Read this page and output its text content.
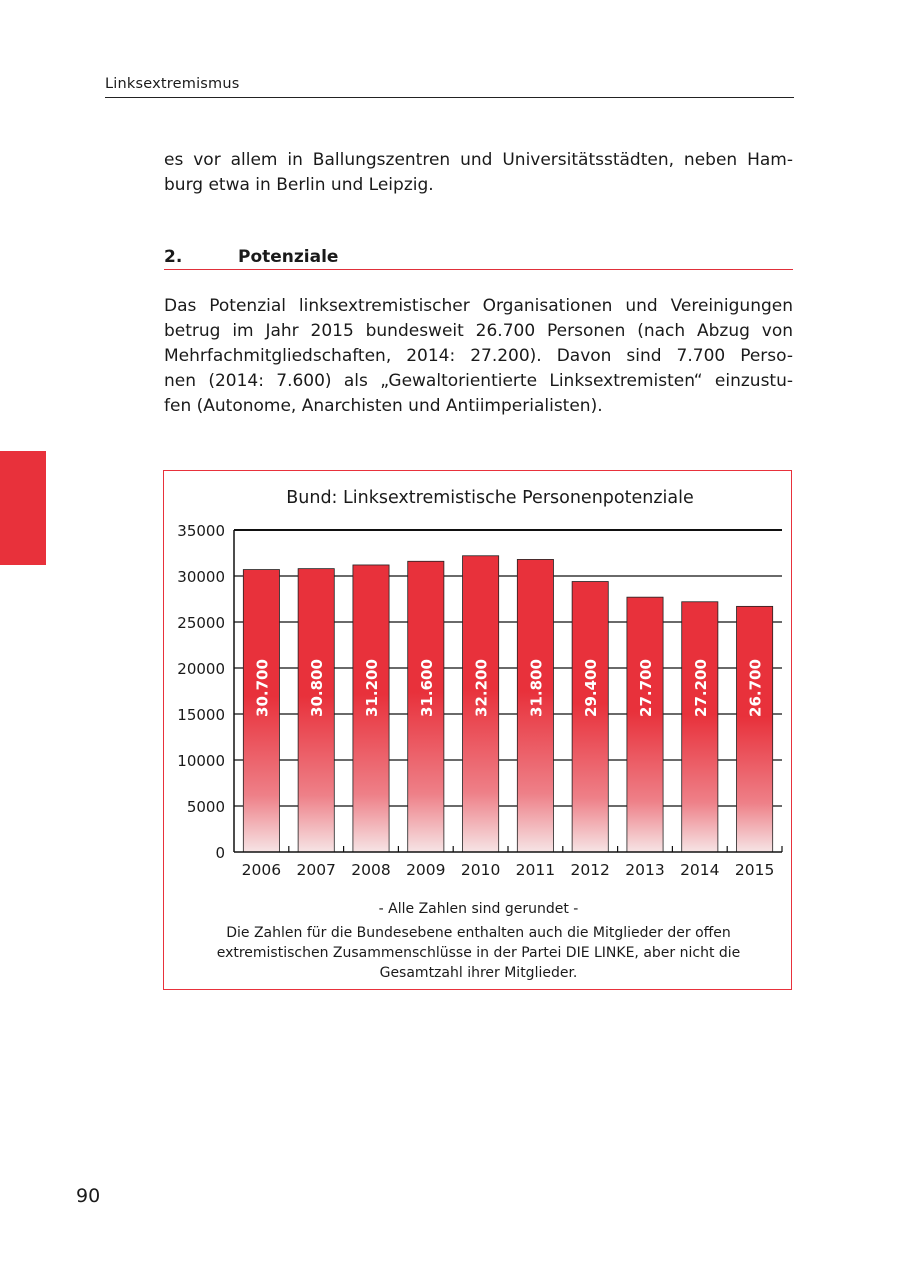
Linksextremismus

es vor allem in Ballungszentren und Universitätsstädten, neben Ham-
burg etwa in Berlin und Leipzig.

2.	Potenziale

Das Potenzial linksextremistischer Organisationen und Vereinigungen
betrug im Jahr 2015 bundesweit 26.700 Personen (nach Abzug von
Mehrfachmitgliedschaften, 2014: 27.200). Davon sind 7.700 Perso-
nen (2014: 7.600) als „Gewaltorientierte Linksextremisten“ einzustu-
fen (Autonome, Anarchisten und Antiimperialisten).

Bund: Linksextremistische Personenpotenziale
35000
30000
25000
20000
15000
10000
5000
0
2006
30.700
2007
30.800
2008
31.200
2009
31.600
2010
32.200
2011
31.800
2012
29.400
2013
27.700
2014
27.200
2015
26.700
- Alle Zahlen sind gerundet -
Die Zahlen für die Bundesebene enthalten auch die Mitglieder der offen
extremistischen Zusammenschlüsse in der Partei DIE LINKE, aber nicht die
Gesamtzahl ihrer Mitglieder.
90
